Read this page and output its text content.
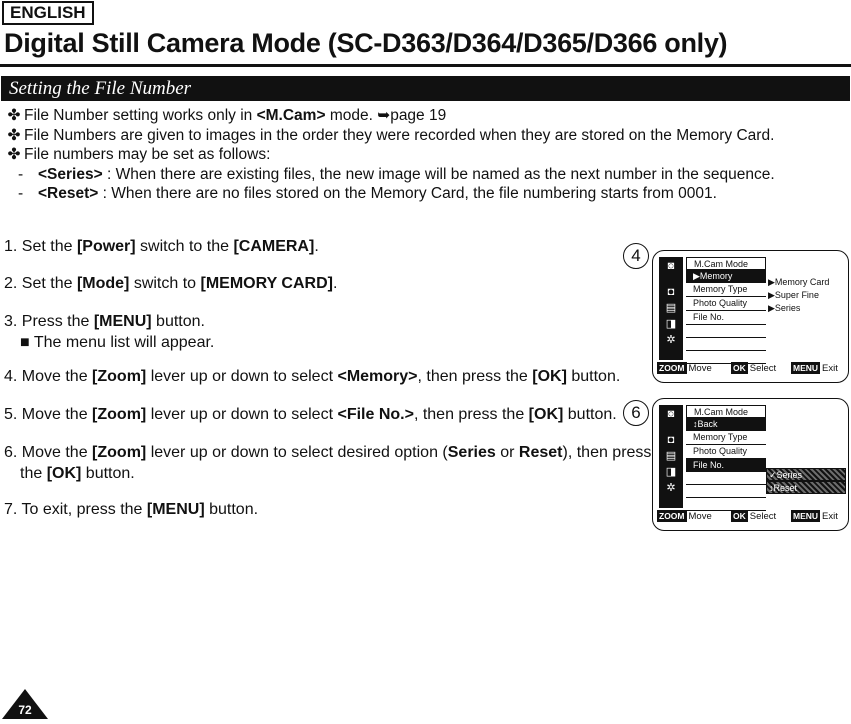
ENGLISH
Digital Still Camera Mode (SC-D363/D364/D365/D366 only)
Setting the File Number
✤ File Number setting works only in <M.Cam> mode. ➥page 19
✤ File Numbers are given to images in the order they were recorded when they are stored on the Memory Card.
✤ File numbers may be set as follows:
- <Series> : When there are existing files, the new image will be named as the next number in the sequence.
- <Reset> : When there are no files stored on the Memory Card, the file numbering starts from 0001.
1. Set the [Power] switch to the [CAMERA].
2. Set the [Mode] switch to [MEMORY CARD].
3. Press the [MENU] button.
■ The menu list will appear.
4. Move the [Zoom] lever up or down to select <Memory>, then press the [OK] button.
5. Move the [Zoom] lever up or down to select <File No.>, then press the [OK] button.
6. Move the [Zoom] lever up or down to select desired option (Series or Reset), then press
the [OK] button.
7. To exit, press the [MENU] button.
4
◙
◘
▤
◨
✲
M.Cam Mode
▶Memory
Memory Type
Photo Quality
File No.
▶Memory Card
▶Super Fine
▶Series
ZOOM Move	OK Select MENU Exit
6	◙
◘
▤
◨
✲
M.Cam Mode
↕Back
Memory Type
Photo Quality
File No.
✓Series
↕Reset
ZOOM Move	OK Select MENU Exit
72
